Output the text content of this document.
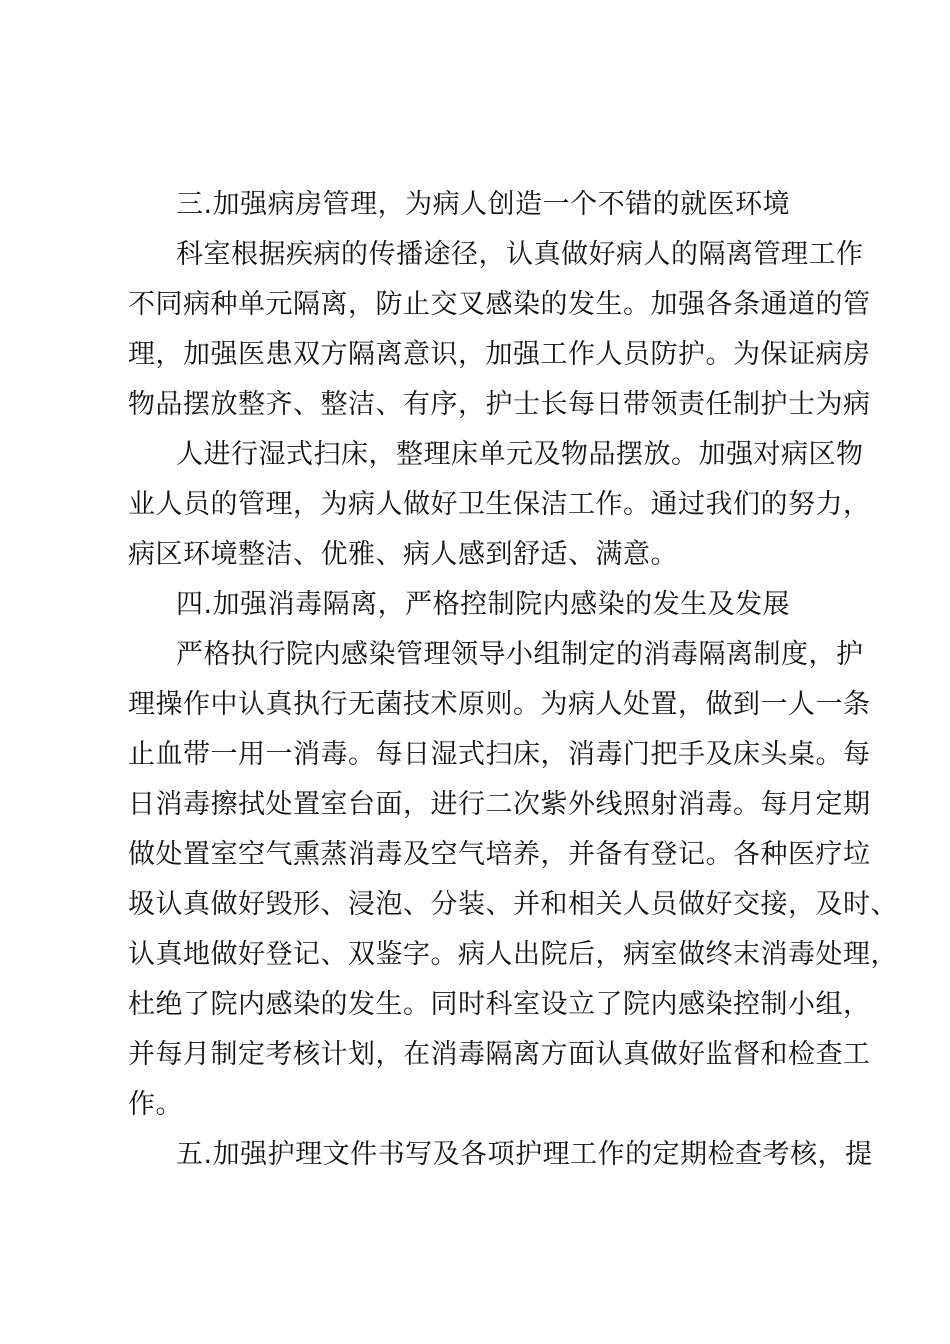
三.加强病房管理，为病人创造一个不错的就医环境
科室根据疾病的传播途径，认真做好病人的隔离管理工作
不同病种单元隔离，防止交叉感染的发生。加强各条通道的管
理，加强医患双方隔离意识，加强工作人员防护。为保证病房
物品摆放整齐、整洁、有序，护士长每日带领责任制护士为病
人进行湿式扫床，整理床单元及物品摆放。加强对病区物
业人员的管理，为病人做好卫生保洁工作。通过我们的努力，
病区环境整洁、优雅、病人感到舒适、满意。
四.加强消毒隔离，严格控制院内感染的发生及发展
严格执行院内感染管理领导小组制定的消毒隔离制度，护
理操作中认真执行无菌技术原则。为病人处置，做到一人一条
止血带一用一消毒。每日湿式扫床，消毒门把手及床头桌。每
日消毒擦拭处置室台面，进行二次紫外线照射消毒。每月定期
做处置室空气熏蒸消毒及空气培养，并备有登记。各种医疗垃
圾认真做好毁形、浸泡、分装、并和相关人员做好交接，及时、
认真地做好登记、双鉴字。病人出院后，病室做终末消毒处理，
杜绝了院内感染的发生。同时科室设立了院内感染控制小组，
并每月制定考核计划，在消毒隔离方面认真做好监督和检查工
作。
五.加强护理文件书写及各项护理工作的定期检查考核，提
